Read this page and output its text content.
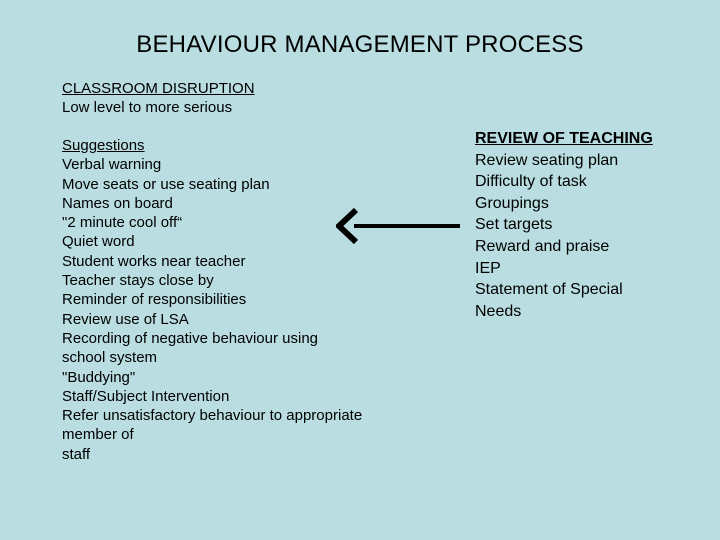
BEHAVIOUR MANAGEMENT PROCESS
CLASSROOM DISRUPTION
Low level to more serious
Suggestions
Verbal warning
Move seats or use seating plan
Names on board
"2 minute cool off“
Quiet word
Student works near teacher
Teacher stays close by
Reminder of responsibilities
Review use of LSA
Recording of negative behaviour using
school system
"Buddying"
Staff/Subject Intervention
Refer unsatisfactory behaviour to appropriate
member of
staff
REVIEW OF TEACHING
Review seating plan
Difficulty of task
Groupings
Set targets
Reward and praise
IEP
Statement of Special
Needs
